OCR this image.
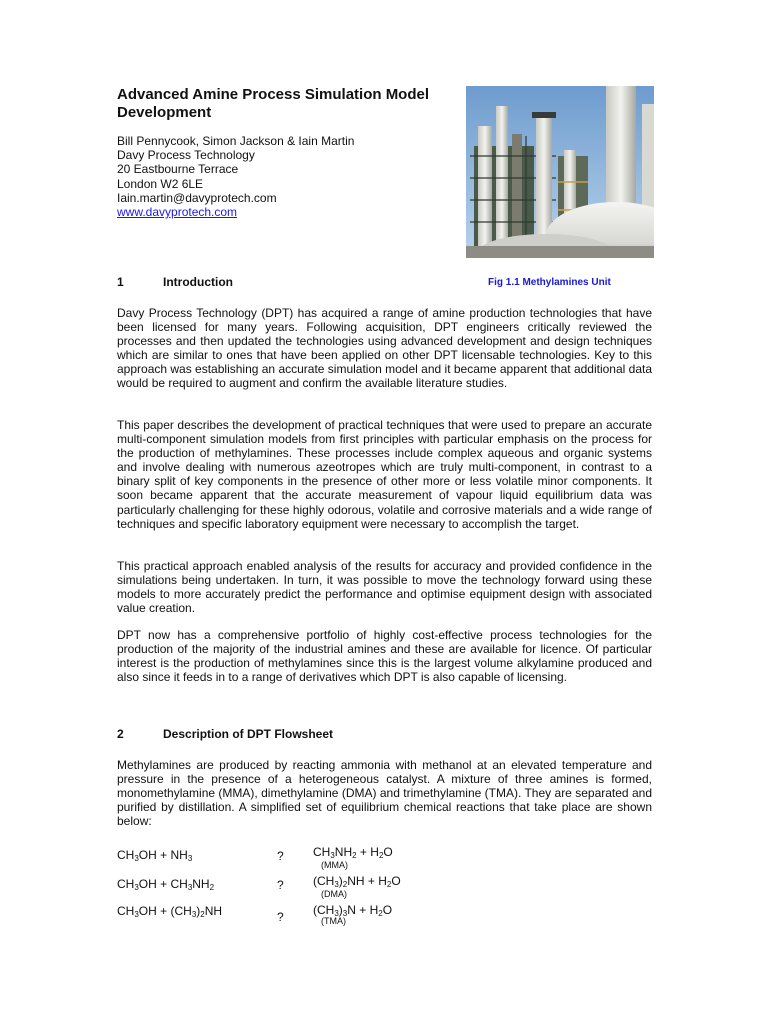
Advanced Amine Process Simulation Model Development
Bill Pennycook, Simon Jackson & Iain Martin
Davy Process Technology
20 Eastbourne Terrace
London W2 6LE
Iain.martin@davyprotech.com
www.davyprotech.com
Fig 1.1 Methylamines Unit
1	Introduction

Davy Process Technology (DPT) has acquired a range of amine production technologies that have been licensed for many years. Following acquisition, DPT engineers critically reviewed the processes and then updated the technologies using advanced development and design techniques which are similar to ones that have been applied on other DPT licensable technologies. Key to this approach was establishing an accurate simulation model and it became apparent that additional data would be required to augment and confirm the available literature studies.

This paper describes the development of practical techniques that were used to prepare an accurate multi-component simulation models from first principles with particular emphasis on the process for the production of methylamines. These processes include complex aqueous and organic systems and involve dealing with numerous azeotropes which are truly multi-component, in contrast to a binary split of key components in the presence of other more or less volatile minor components. It soon became apparent that the accurate measurement of vapour liquid equilibrium data was particularly challenging for these highly odorous, volatile and corrosive materials and a wide range of techniques and specific laboratory equipment were necessary to accomplish the target.

This practical approach enabled analysis of the results for accuracy and provided confidence in the simulations being undertaken. In turn, it was possible to move the technology forward using these models to more accurately predict the performance and optimise equipment design with associated value creation.

DPT now has a comprehensive portfolio of highly cost-effective process technologies for the production of the majority of the industrial amines and these are available for licence. Of particular interest is the production of methylamines since this is the largest volume alkylamine produced and also since it feeds in to a range of derivatives which DPT is also capable of licensing.

2	Description of DPT Flowsheet

Methylamines are produced by reacting ammonia with methanol at an elevated temperature and pressure in the presence of a heterogeneous catalyst. A mixture of three amines is formed, monomethylamine (MMA), dimethylamine (DMA) and trimethylamine (TMA). They are separated and purified by distillation. A simplified set of equilibrium chemical reactions that take place are shown below:

$CH_3OH + NH_3$	? $CH_3NH_2 + H_2O$
(MMA)
$CH_3OH + CH_3NH_2$	? $(CH_3)_2NH + H_2O$
(DMA)
$CH_3OH + (CH_3)_2NH$	? $(CH_3)_3N + H_2O$
(TMA)
